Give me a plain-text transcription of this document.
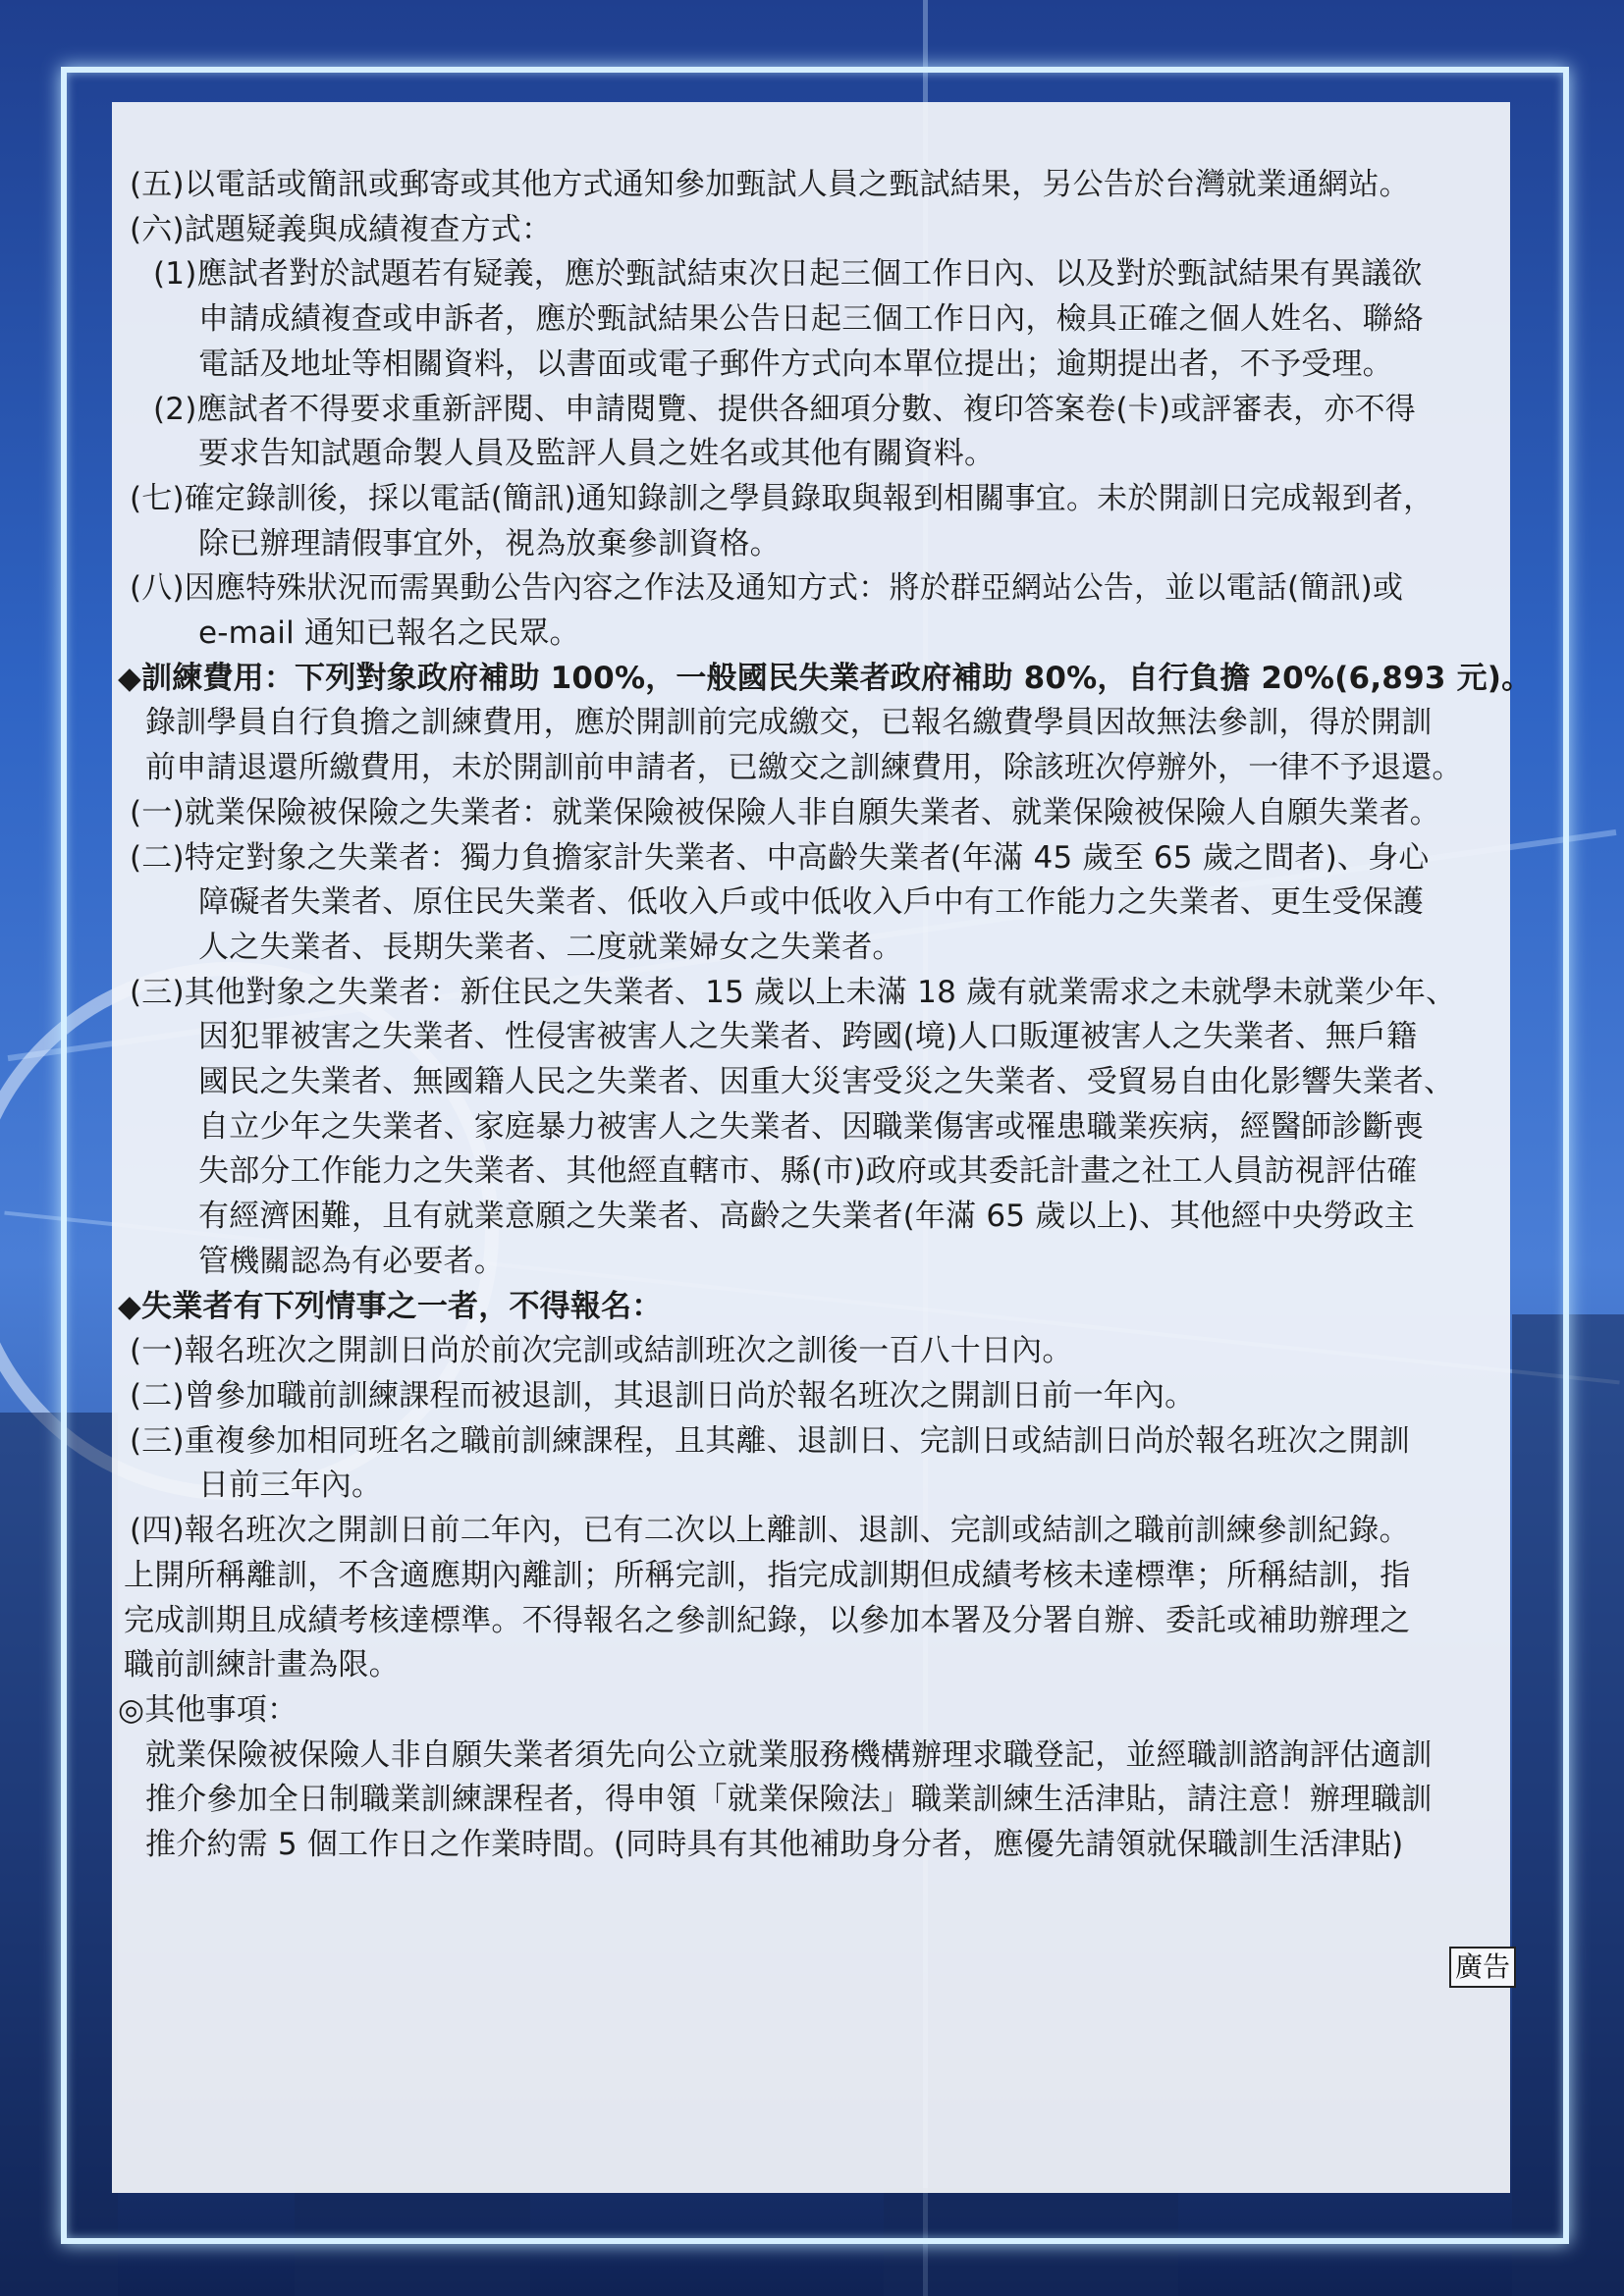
(五)以電話或簡訊或郵寄或其他方式通知參加甄試人員之甄試結果，另公告於台灣就業通網站。
(六)試題疑義與成績複查方式：
(1)應試者對於試題若有疑義，應於甄試結束次日起三個工作日內、以及對於甄試結果有異議欲
申請成績複查或申訴者，應於甄試結果公告日起三個工作日內，檢具正確之個人姓名、聯絡
電話及地址等相關資料，以書面或電子郵件方式向本單位提出；逾期提出者，不予受理。
(2)應試者不得要求重新評閱、申請閱覽、提供各細項分數、複印答案卷(卡)或評審表，亦不得
要求告知試題命製人員及監評人員之姓名或其他有關資料。
(七)確定錄訓後，採以電話(簡訊)通知錄訓之學員錄取與報到相關事宜。未於開訓日完成報到者，
除已辦理請假事宜外，視為放棄參訓資格。
(八)因應特殊狀況而需異動公告內容之作法及通知方式：將於群亞網站公告，並以電話(簡訊)或
e-mail 通知已報名之民眾。
◆訓練費用：下列對象政府補助 100%，一般國民失業者政府補助 80%，自行負擔 20%(6,893 元)。
錄訓學員自行負擔之訓練費用，應於開訓前完成繳交，已報名繳費學員因故無法參訓，得於開訓
前申請退還所繳費用，未於開訓前申請者，已繳交之訓練費用，除該班次停辦外，一律不予退還。
(一)就業保險被保險之失業者：就業保險被保險人非自願失業者、就業保險被保險人自願失業者。
(二)特定對象之失業者：獨力負擔家計失業者、中高齡失業者(年滿 45 歲至 65 歲之間者)、身心
障礙者失業者、原住民失業者、低收入戶或中低收入戶中有工作能力之失業者、更生受保護
人之失業者、長期失業者、二度就業婦女之失業者。
(三)其他對象之失業者：新住民之失業者、15 歲以上未滿 18 歲有就業需求之未就學未就業少年、
因犯罪被害之失業者、性侵害被害人之失業者、跨國(境)人口販運被害人之失業者、無戶籍
國民之失業者、無國籍人民之失業者、因重大災害受災之失業者、受貿易自由化影響失業者、
自立少年之失業者、家庭暴力被害人之失業者、因職業傷害或罹患職業疾病，經醫師診斷喪
失部分工作能力之失業者、其他經直轄市、縣(市)政府或其委託計畫之社工人員訪視評估確
有經濟困難，且有就業意願之失業者、高齡之失業者(年滿 65 歲以上)、其他經中央勞政主
管機關認為有必要者。
◆失業者有下列情事之一者，不得報名：
(一)報名班次之開訓日尚於前次完訓或結訓班次之訓後一百八十日內。
(二)曾參加職前訓練課程而被退訓，其退訓日尚於報名班次之開訓日前一年內。
(三)重複參加相同班名之職前訓練課程，且其離、退訓日、完訓日或結訓日尚於報名班次之開訓
日前三年內。
(四)報名班次之開訓日前二年內，已有二次以上離訓、退訓、完訓或結訓之職前訓練參訓紀錄。
上開所稱離訓，不含適應期內離訓；所稱完訓，指完成訓期但成績考核未達標準；所稱結訓，指
完成訓期且成績考核達標準。不得報名之參訓紀錄，以參加本署及分署自辦、委託或補助辦理之
職前訓練計畫為限。
◎其他事項：
就業保險被保險人非自願失業者須先向公立就業服務機構辦理求職登記，並經職訓諮詢評估適訓
推介參加全日制職業訓練課程者，得申領「就業保險法」職業訓練生活津貼，請注意！辦理職訓
推介約需 5 個工作日之作業時間。(同時具有其他補助身分者，應優先請領就保職訓生活津貼)
廣告
